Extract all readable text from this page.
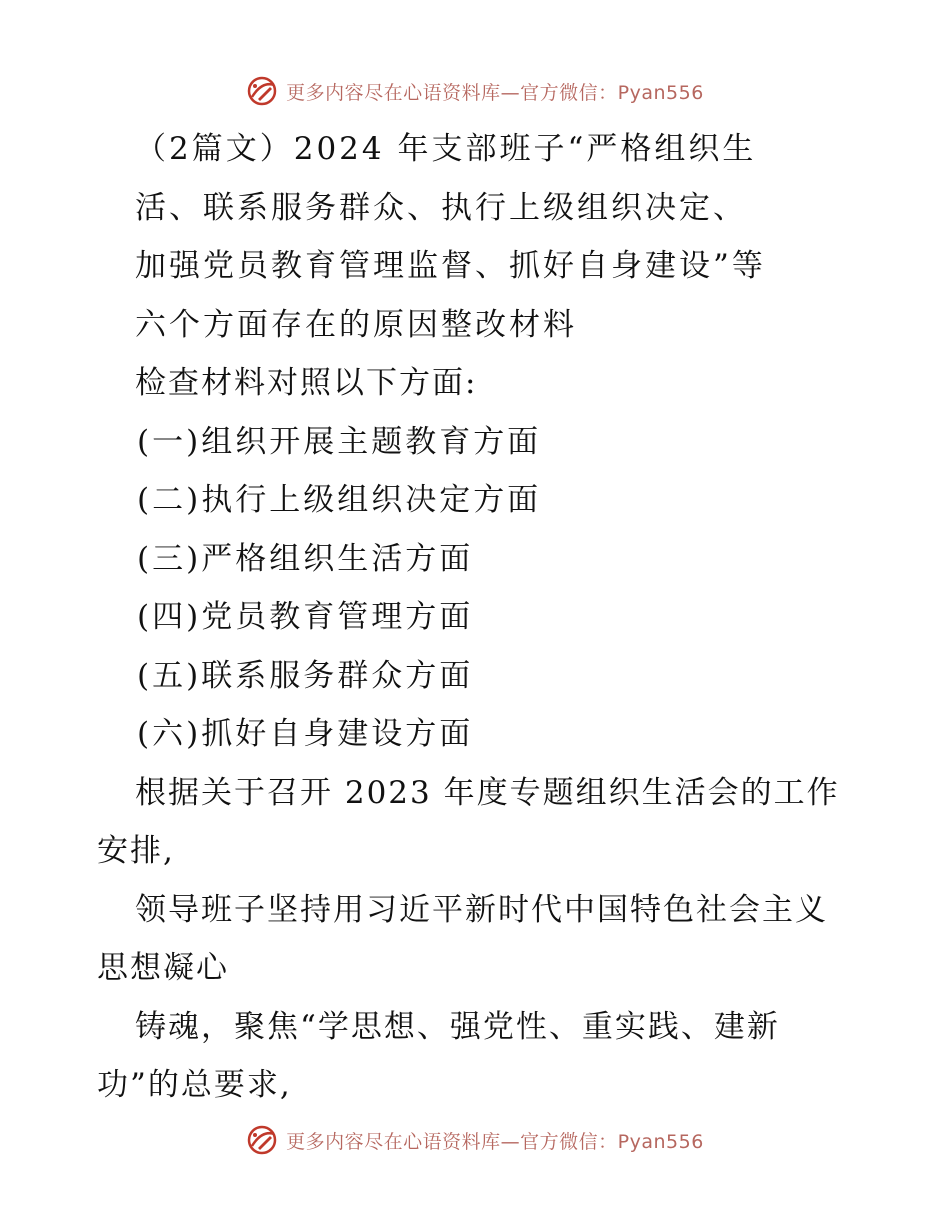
更多内容尽在心语资料库—官方微信：Pyan556
（2篇文）2024 年支部班子“严格组织生
活、联系服务群众、执行上级组织决定、
加强党员教育管理监督、抓好自身建设”等
六个方面存在的原因整改材料
检查材料对照以下方面:
(一)组织开展主题教育方面
(二)执行上级组织决定方面
(三)严格组织生活方面
(四)党员教育管理方面
(五)联系服务群众方面
(六)抓好自身建设方面
根据关于召开 2023 年度专题组织生活会的工作
安排,
领导班子坚持用习近平新时代中国特色社会主义
思想凝心
铸魂，聚焦“学思想、强党性、重实践、建新
功”的总要求,
更多内容尽在心语资料库—官方微信：Pyan556
